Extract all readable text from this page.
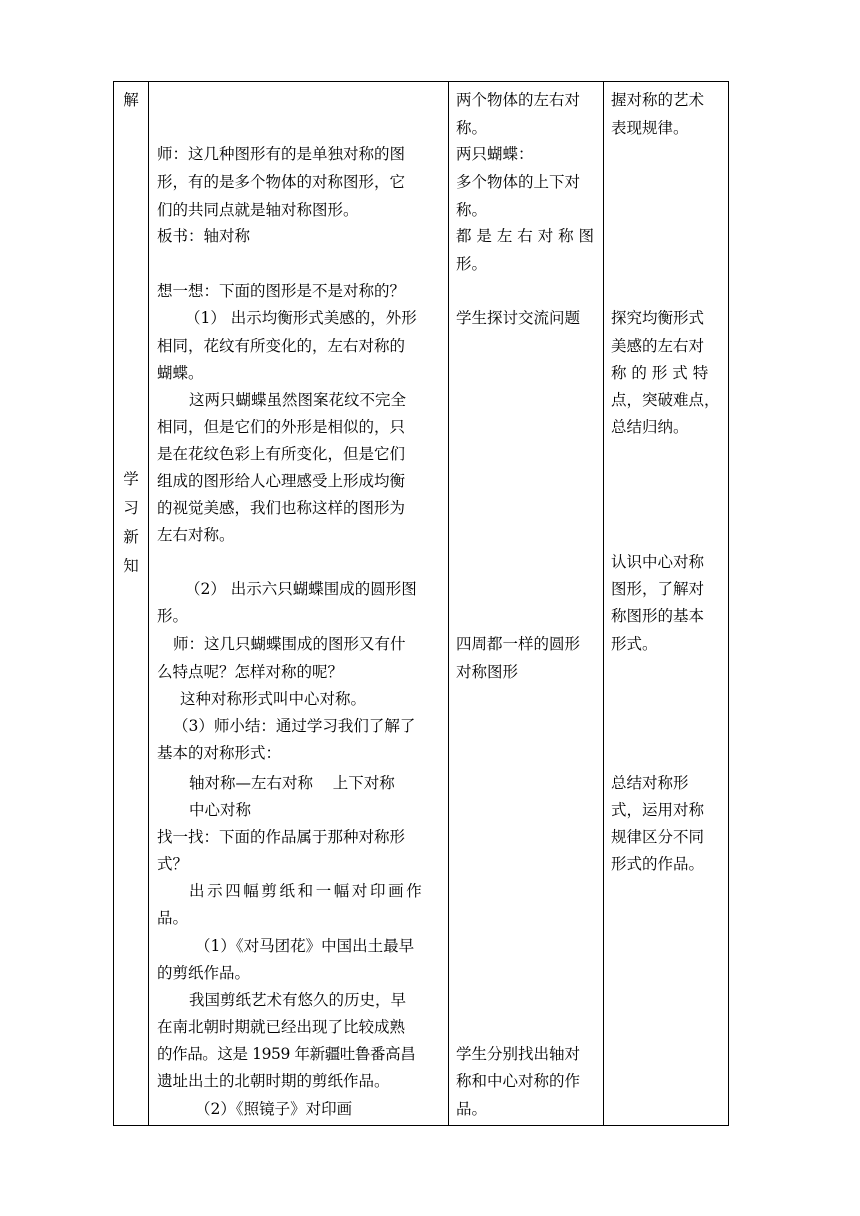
解
学
习
新
知
师：这几种图形有的是单独对称的图
形，有的是多个物体的对称图形，它
们的共同点就是轴对称图形。
板书：轴对称
想一想：下面的图形是不是对称的？
（1） 出示均衡形式美感的，外形
相同，花纹有所变化的，左右对称的
蝴蝶。
这两只蝴蝶虽然图案花纹不完全
相同，但是它们的外形是相似的，只
是在花纹色彩上有所变化，但是它们
组成的图形给人心理感受上形成均衡
的视觉美感，我们也称这样的图形为
左右对称。
（2） 出示六只蝴蝶围成的圆形图
形。
师：这几只蝴蝶围成的图形又有什
么特点呢？怎样对称的呢？
这种对称形式叫中心对称。
（3）师小结：通过学习我们了解了
基本的对称形式：
轴对称—左右对称    上下对称
中心对称
找一找：下面的作品属于那种对称形
式？
出示四幅剪纸和一幅对印画作
品。
（1）《对马团花》中国出土最早
的剪纸作品。
我国剪纸艺术有悠久的历史，早
在南北朝时期就已经出现了比较成熟
的作品。这是 1959 年新疆吐鲁番高昌
遗址出土的北朝时期的剪纸作品。
（2）《照镜子》对印画
两个物体的左右对
称。
两只蝴蝶：
多个物体的上下对
称。
都 是 左 右 对 称 图
形。
学生探讨交流问题
四周都一样的圆形
对称图形
学生分别找出轴对
称和中心对称的作
品。
握对称的艺术
表现规律。
探究均衡形式
美感的左右对
称 的 形 式 特
点，突破难点，
总结归纳。
认识中心对称
图形，了解对
称图形的基本
形式。
总结对称形
式，运用对称
规律区分不同
形式的作品。
